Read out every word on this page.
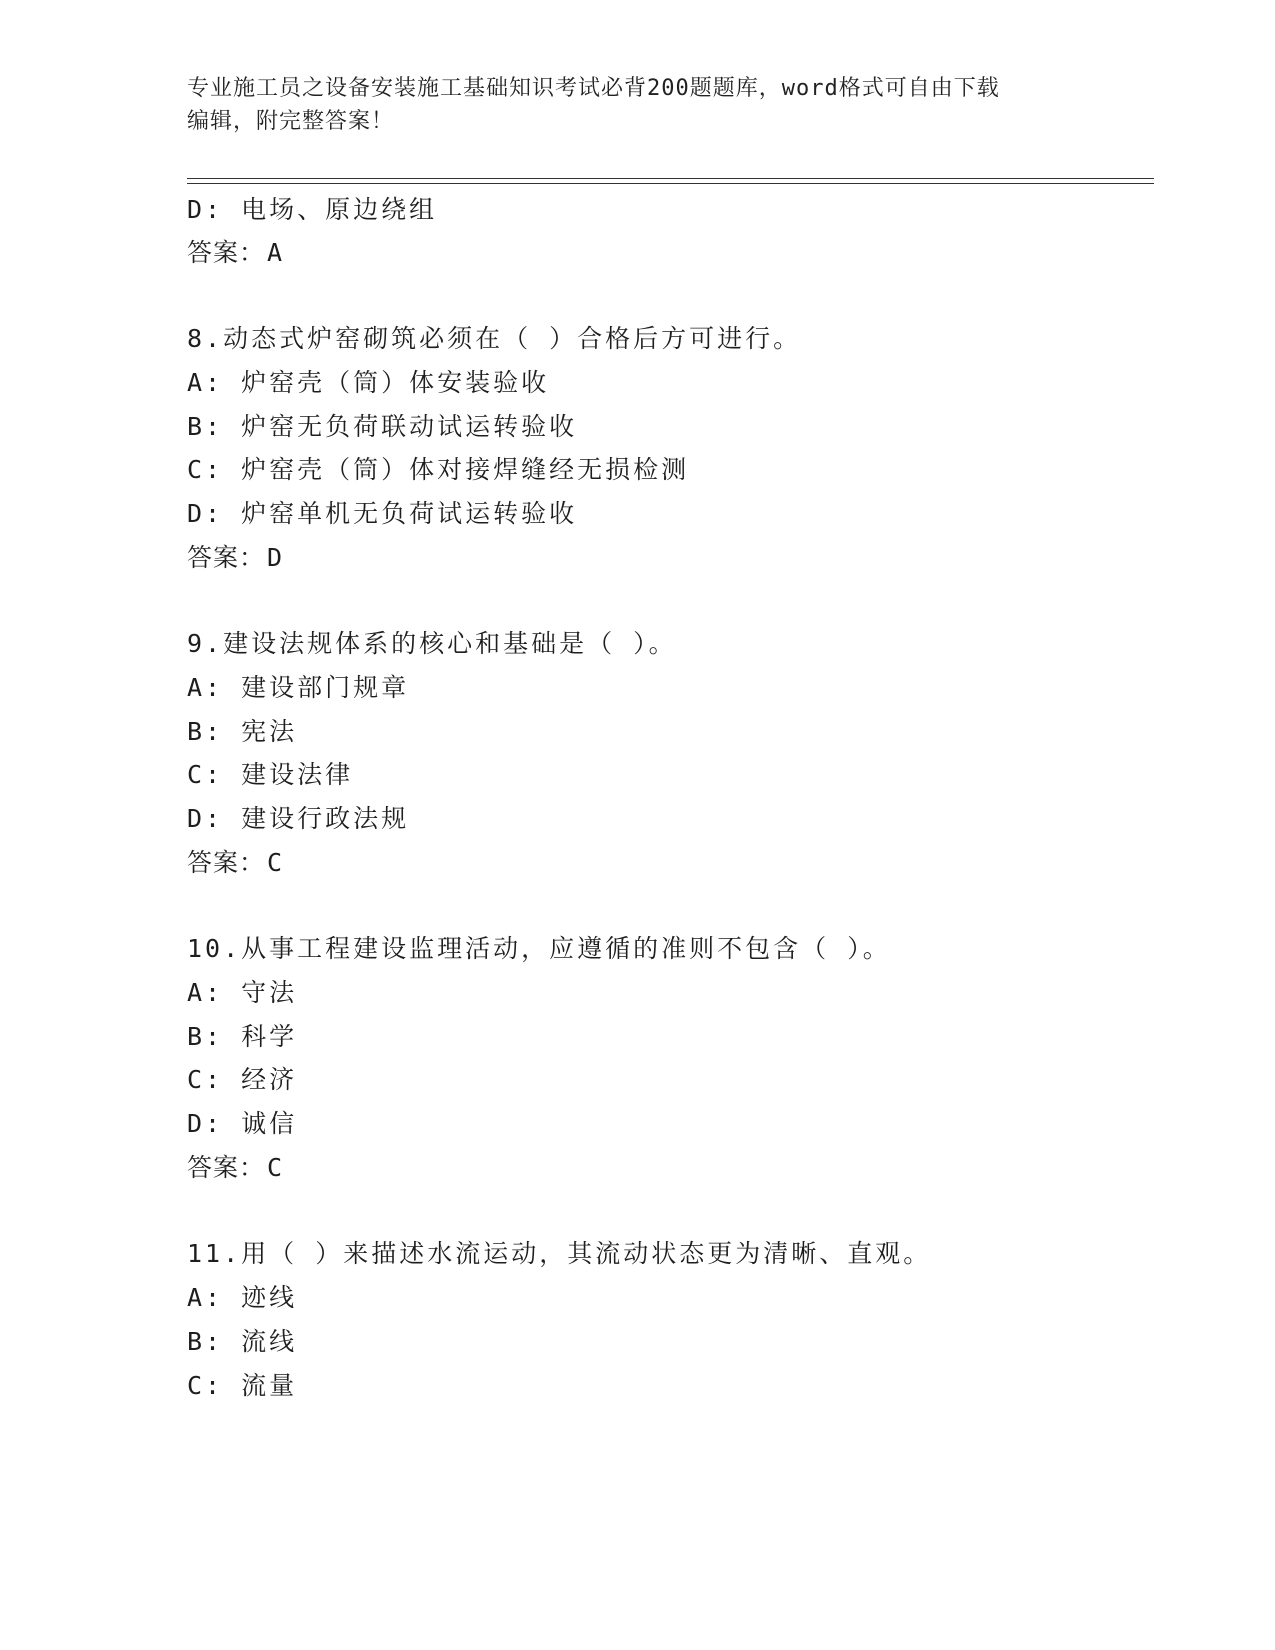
专业施工员之设备安装施工基础知识考试必背200题题库，word格式可自由下载
编辑，附完整答案！
D: 电场、原边绕组
答案：A
8.动态式炉窑砌筑必须在（ ）合格后方可进行。
A: 炉窑壳（筒）体安装验收
B: 炉窑无负荷联动试运转验收
C: 炉窑壳（筒）体对接焊缝经无损检测
D: 炉窑单机无负荷试运转验收
答案：D
9.建设法规体系的核心和基础是（ ）。
A: 建设部门规章
B: 宪法
C: 建设法律
D: 建设行政法规
答案：C
10.从事工程建设监理活动，应遵循的准则不包含（ ）。
A: 守法
B: 科学
C: 经济
D: 诚信
答案：C
11.用（ ）来描述水流运动，其流动状态更为清晰、直观。
A: 迹线
B: 流线
C: 流量
